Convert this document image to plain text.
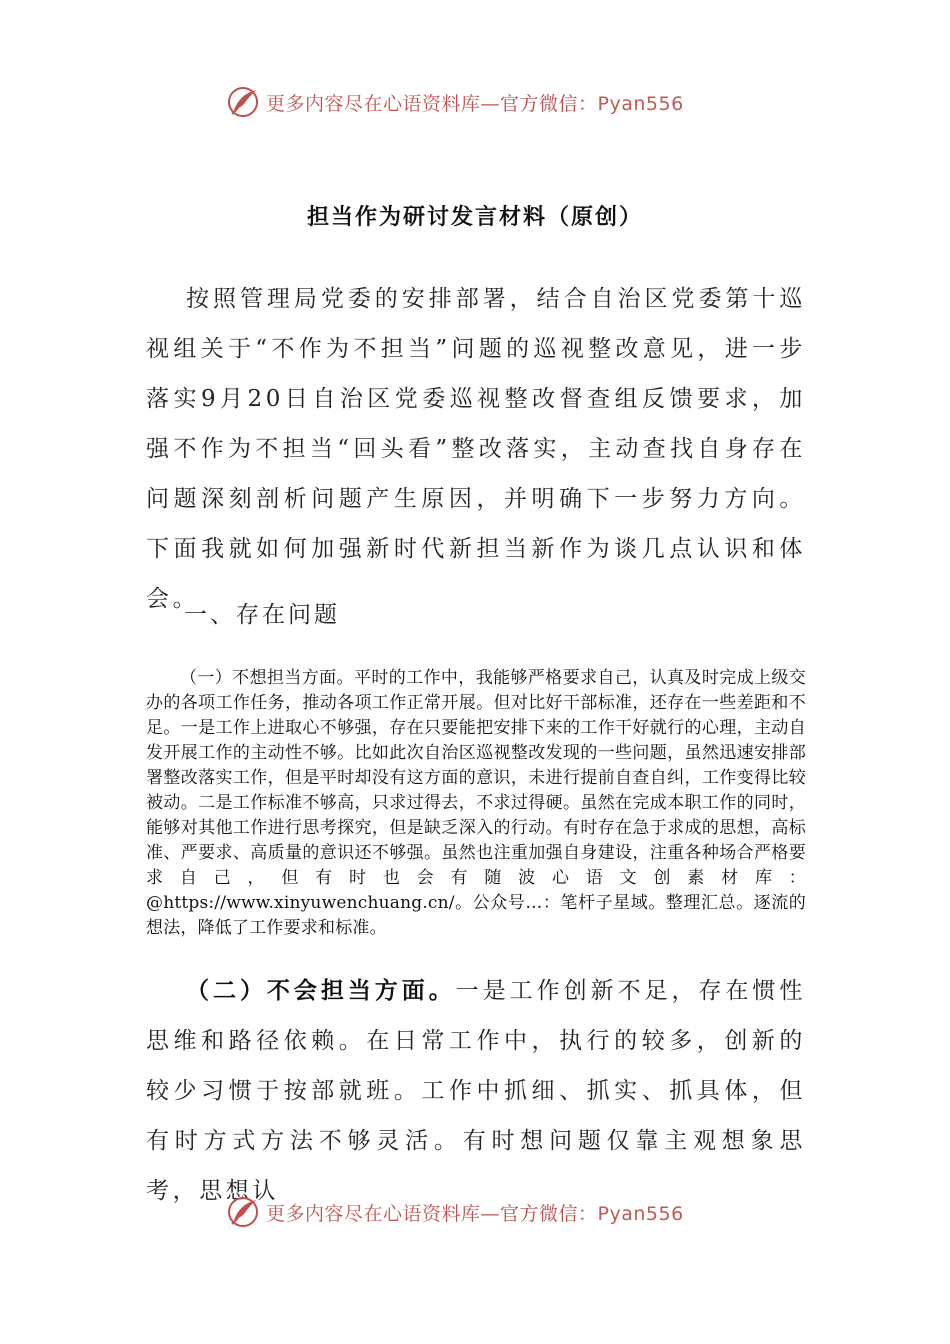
更多内容尽在心语资料库—官方微信：Pyan556
担当作为研讨发言材料（原创）

按照管理局党委的安排部署，结合自治区党委第十巡视组关于“不作为不担当”问题的巡视整改意见，进一步落实9月20日自治区党委巡视整改督查组反馈要求，加强不作为不担当“回头看”整改落实，主动查找自身存在问题深刻剖析问题产生原因，并明确下一步努力方向。下面我就如何加强新时代新担当新作为谈几点认识和体会。

一、存在问题

（一）不想担当方面。平时的工作中，我能够严格要求自己，认真及时完成上级交办的各项工作任务，推动各项工作正常开展。但对比好干部标准，还存在一些差距和不足。一是工作上进取心不够强，存在只要能把安排下来的工作干好就行的心理，主动自发开展工作的主动性不够。比如此次自治区巡视整改发现的一些问题，虽然迅速安排部署整改落实工作，但是平时却没有这方面的意识，未进行提前自查自纠，工作变得比较被动。二是工作标准不够高，只求过得去，不求过得硬。虽然在完成本职工作的同时，能够对其他工作进行思考探究，但是缺乏深入的行动。有时存在急于求成的思想，高标准、严要求、高质量的意识还不够强。虽然也注重加强自身建设，注重各种场合严格要求自己，但有时也会有随波心语文创素材库：@https://www.xinyuwenchuang.cn/。公众号…：笔杆子星域。整理汇总。逐流的想法，降低了工作要求和标准。

（二）不会担当方面。一是工作创新不足，存在惯性思维和路径依赖。在日常工作中，执行的较多，创新的较少习惯于按部就班。工作中抓细、抓实、抓具体，但有时方式方法不够灵活。有时想问题仅靠主观想象思考，思想认

更多内容尽在心语资料库—官方微信：Pyan556
